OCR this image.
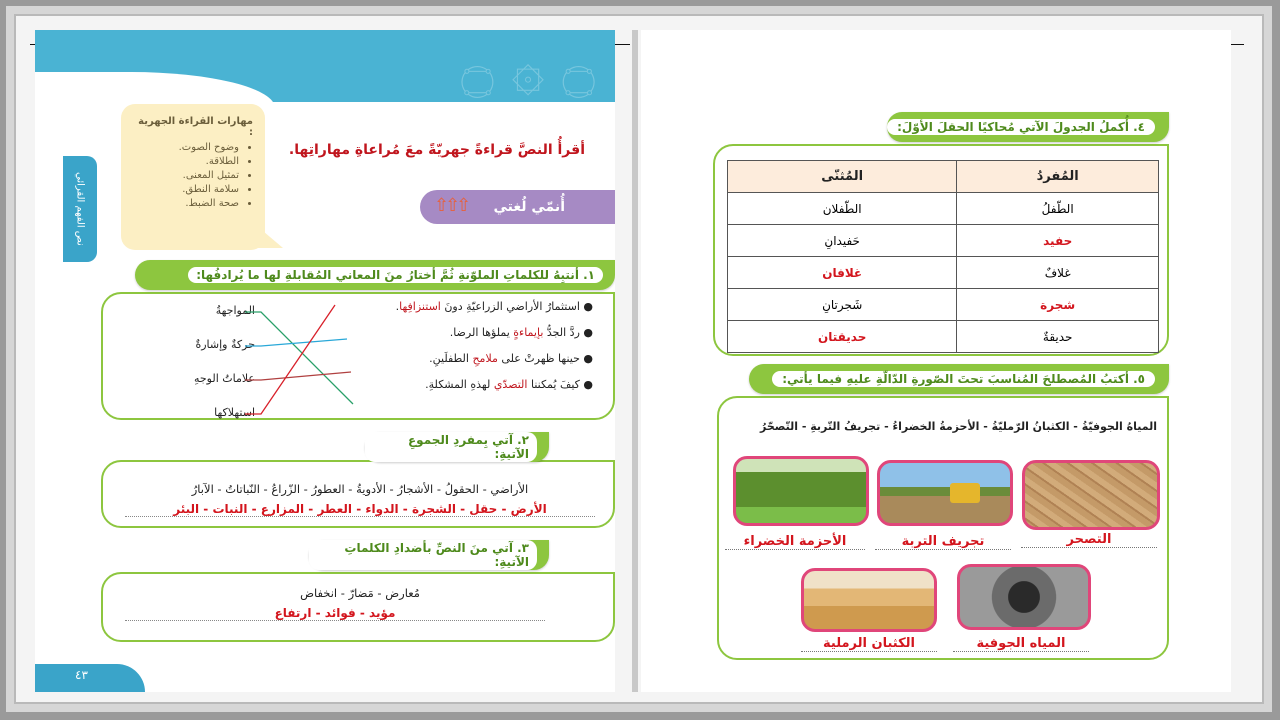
۝ ۞ ۝
نص الفهم القرائي
مهارات القراءة الجهرية :
• وضوح الصوت.
• الطلاقة.
• تمثيل المعنى.
• سلامة النطق.
• صحة الضبط.
أقرأُ النصَّ قراءةً جهريّةً معَ مُراعاةِ مهاراتِها.
أُنمّي لُغتي
⇧⇧⇧
١. أنتبِهُ للكلماتِ الملوّنةِ ثُمَّ أختارُ منَ المعاني المُقابلةِ لها ما يُرادفُها:
● استثمارُ الأراضي الزراعيّةِ دونَ استنزافِها.
● ردَّ الجدُّ بإيماءةٍ يملؤها الرضا.
● حينها ظهرتْ على ملامحِ الطفلَينِ.
● كيفَ يُمكننا التصدّي لهذهِ المشكلةِ.
المواجهةُ
حركةٌ وإشارةٌ
علاماتُ الوجهِ
استهلاكها
٢. آتي بِمفردِ الجموعِ الآتيةِ:
الأراضي - الحقولُ - الأشجارُ - الأدويةُ - العطورُ - الزّراعُ - النّباتاتُ - الآبارُ
الأرض - حقل - الشجرة - الدواء - العطر - المزارع - النبات - البئر
٣. آتي منَ النصِّ بأضدادِ الكلماتِ الآتيةِ:
مُعارض - مَضارّ - انخفاض
مؤيد - فوائد - ارتفاع
٤٣
٤. أُكملُ الجدولَ الآتي مُحاكيًا الحقلَ الأوّلَ:
المُفردُ	المُثنّى
الطّفلُ	الطّفلان
حفيد	حَفيدانِ
غلافٌ	غلافان
شجرة	شَجرتانِ
حديقةٌ	حديقتان
٥. أكتبُ المُصطلحَ المُناسبَ تحتَ الصّورةِ الدّالّةِ عليهِ فيما يأتي:
المياهُ الجوفيّةُ - الكثبانُ الرّمليّةُ - الأحزمةُ الخضراءُ - تجريفُ التّربةِ - التّصحّرُ
التصحر
تجريف التربة
الأحزمة الخضراء
المياه الجوفية
الكثبان الرملية
